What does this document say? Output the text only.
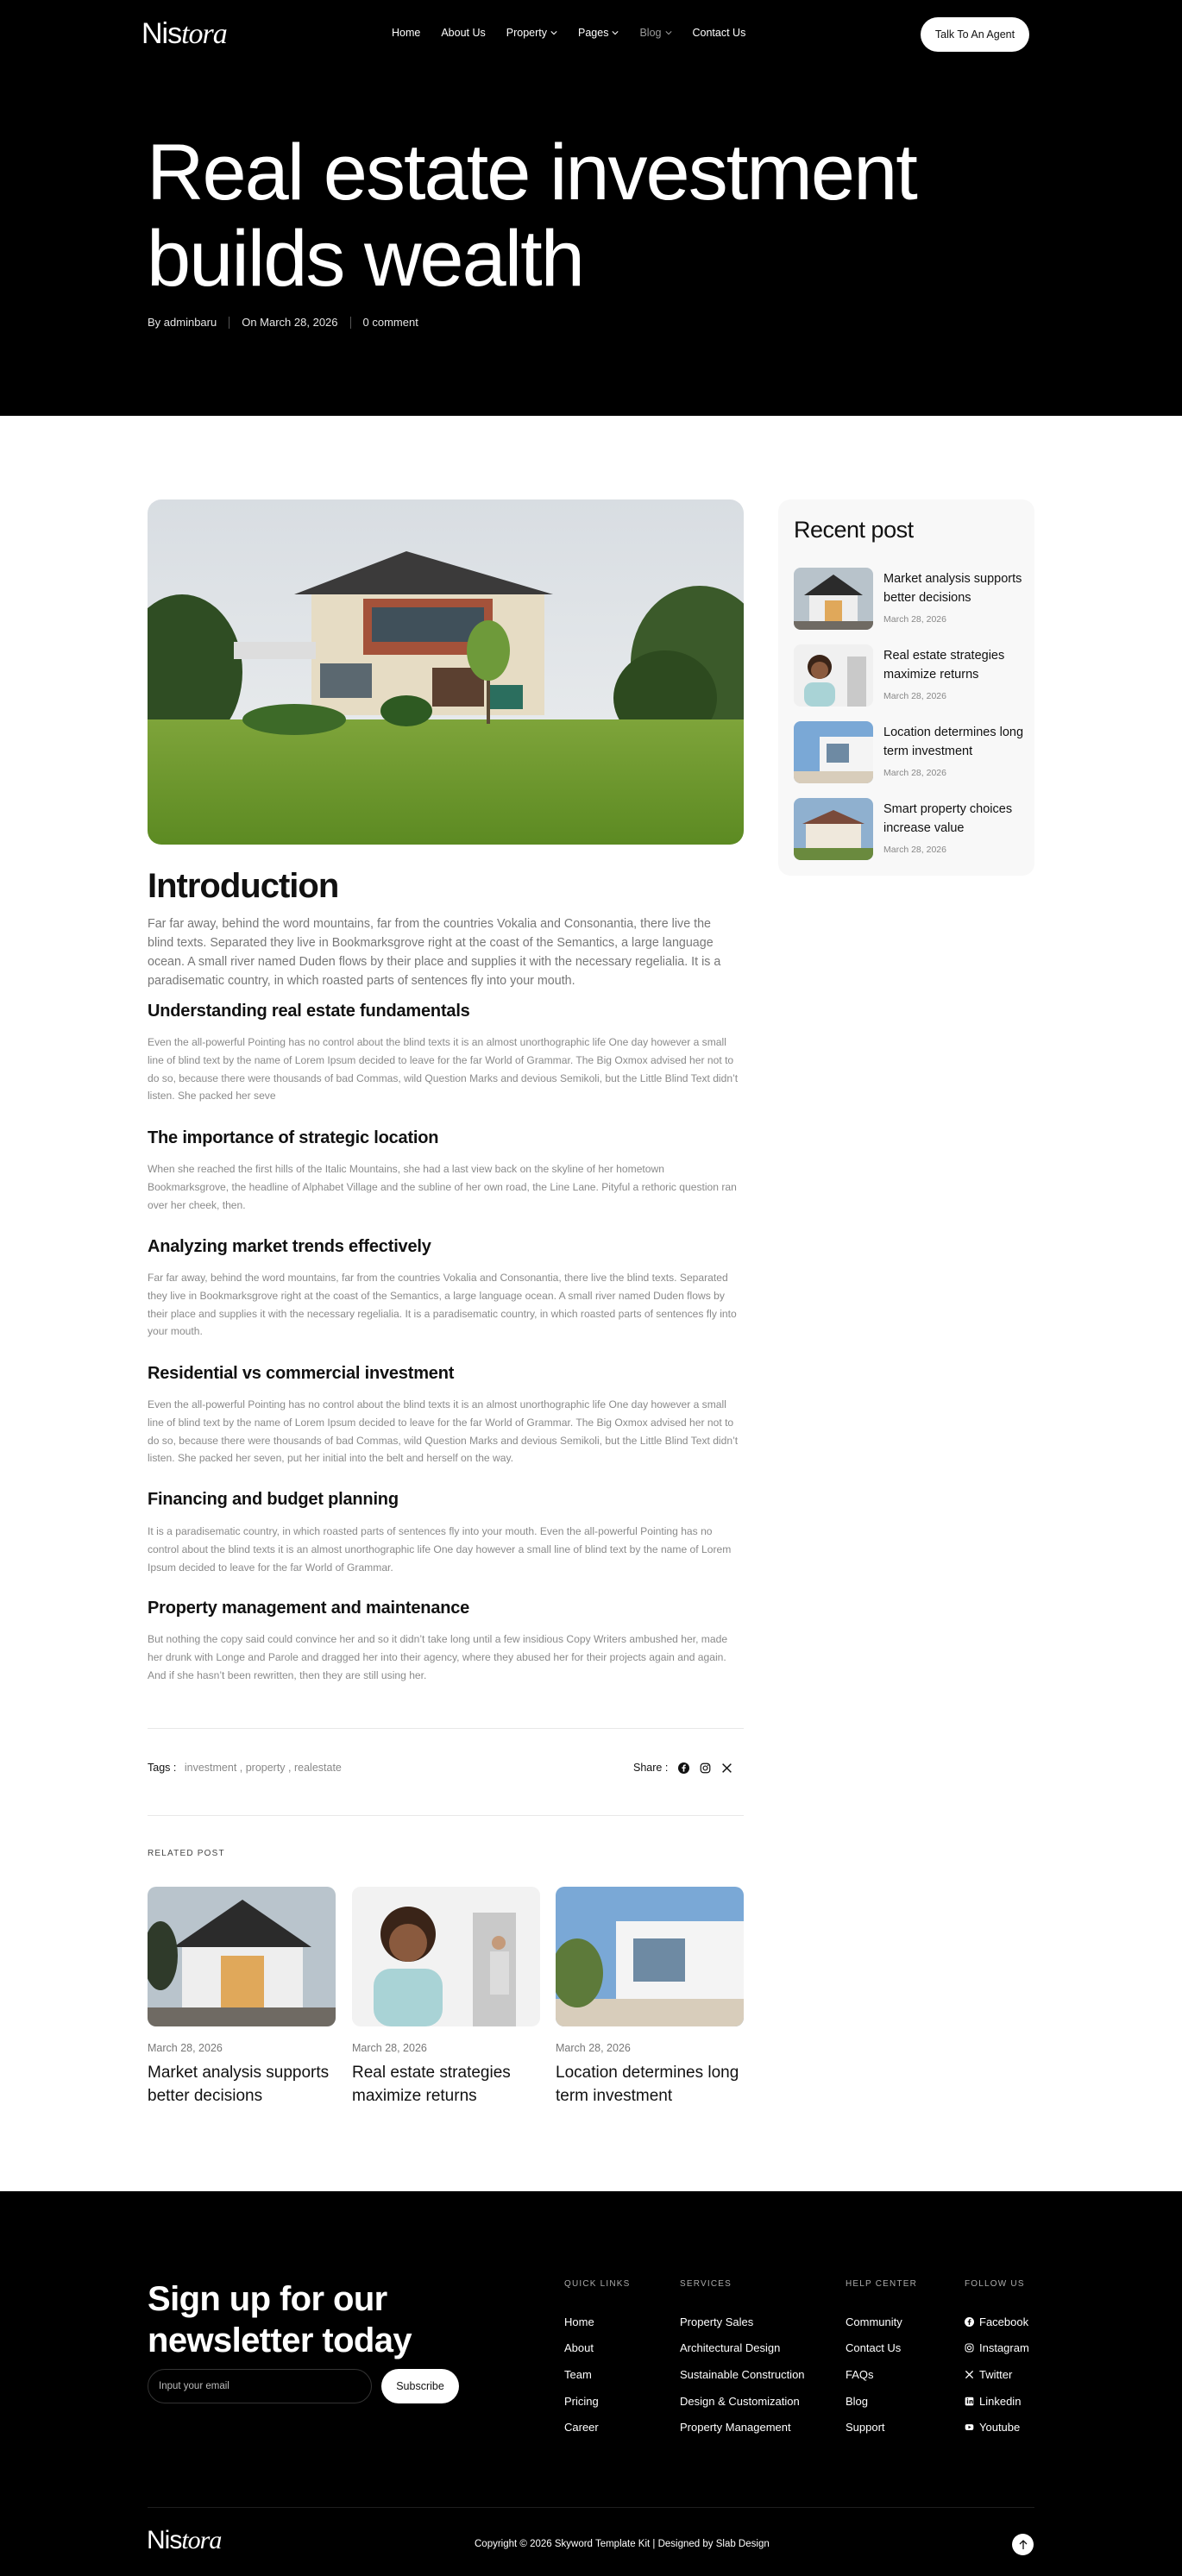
Nistora	Home About Us Property	Pages	Blog	Contact Us	Talk To An Agent
Real estate investment
builds wealth
By adminbaru On March 28, 2026 0 comment
Introduction

Far far away, behind the word mountains, far from the countries Vokalia and Consonantia, there live the blind texts. Separated they live in Bookmarksgrove right at the coast of the Semantics, a large language ocean. A small river named Duden flows by their place and supplies it with the necessary regelialia. It is a paradisematic country, in which roasted parts of sentences fly into your mouth.

Understanding real estate fundamentals

Even the all-powerful Pointing has no control about the blind texts it is an almost unorthographic life One day however a small line of blind text by the name of Lorem Ipsum decided to leave for the far World of Grammar. The Big Oxmox advised her not to do so, because there were thousands of bad Commas, wild Question Marks and devious Semikoli, but the Little Blind Text didn’t listen. She packed her seve

The importance of strategic location

When she reached the first hills of the Italic Mountains, she had a last view back on the skyline of her hometown Bookmarksgrove, the headline of Alphabet Village and the subline of her own road, the Line Lane. Pityful a rethoric question ran over her cheek, then.

Analyzing market trends effectively

Far far away, behind the word mountains, far from the countries Vokalia and Consonantia, there live the blind texts. Separated they live in Bookmarksgrove right at the coast of the Semantics, a large language ocean. A small river named Duden flows by their place and supplies it with the necessary regelialia. It is a paradisematic country, in which roasted parts of sentences fly into your mouth.

Residential vs commercial investment

Even the all-powerful Pointing has no control about the blind texts it is an almost unorthographic life One day however a small line of blind text by the name of Lorem Ipsum decided to leave for the far World of Grammar. The Big Oxmox advised her not to do so, because there were thousands of bad Commas, wild Question Marks and devious Semikoli, but the Little Blind Text didn’t listen. She packed her seven, put her initial into the belt and herself on the way.

Financing and budget planning

It is a paradisematic country, in which roasted parts of sentences fly into your mouth. Even the all-powerful Pointing has no control about the blind texts it is an almost unorthographic life One day however a small line of blind text by the name of Lorem Ipsum decided to leave for the far World of Grammar.

Property management and maintenance

But nothing the copy said could convince her and so it didn’t take long until a few insidious Copy Writers ambushed her, made her drunk with Longe and Parole and dragged her into their agency, where they abused her for their projects again and again. And if she hasn’t been rewritten, then they are still using her.

Tags : investment , property , realestate	Share :
RELATED POST
March 28, 2026
Market analysis supports better decisions
March 28, 2026
Real estate strategies maximize returns
March 28, 2026
Location determines long term investment
Recent post
Market analysis supports better decisions
March 28, 2026
Real estate strategies maximize returns
March 28, 2026
Location determines long term investment
March 28, 2026
Smart property choices increase value
March 28, 2026
Sign up for our
newsletter today
Input your email
Subscribe
QUICK LINKS
Home
About
Team
Pricing
Career
SERVICES
Property Sales
Architectural Design
Sustainable Construction
Design & Customization
Property Management
HELP CENTER
Community
Contact Us
FAQs
Blog
Support
FOLLOW US
Facebook
Instagram
Twitter
Linkedin
Youtube
Nistora	Copyright © 2026 Skyword Template Kit | Designed by Slab Design
